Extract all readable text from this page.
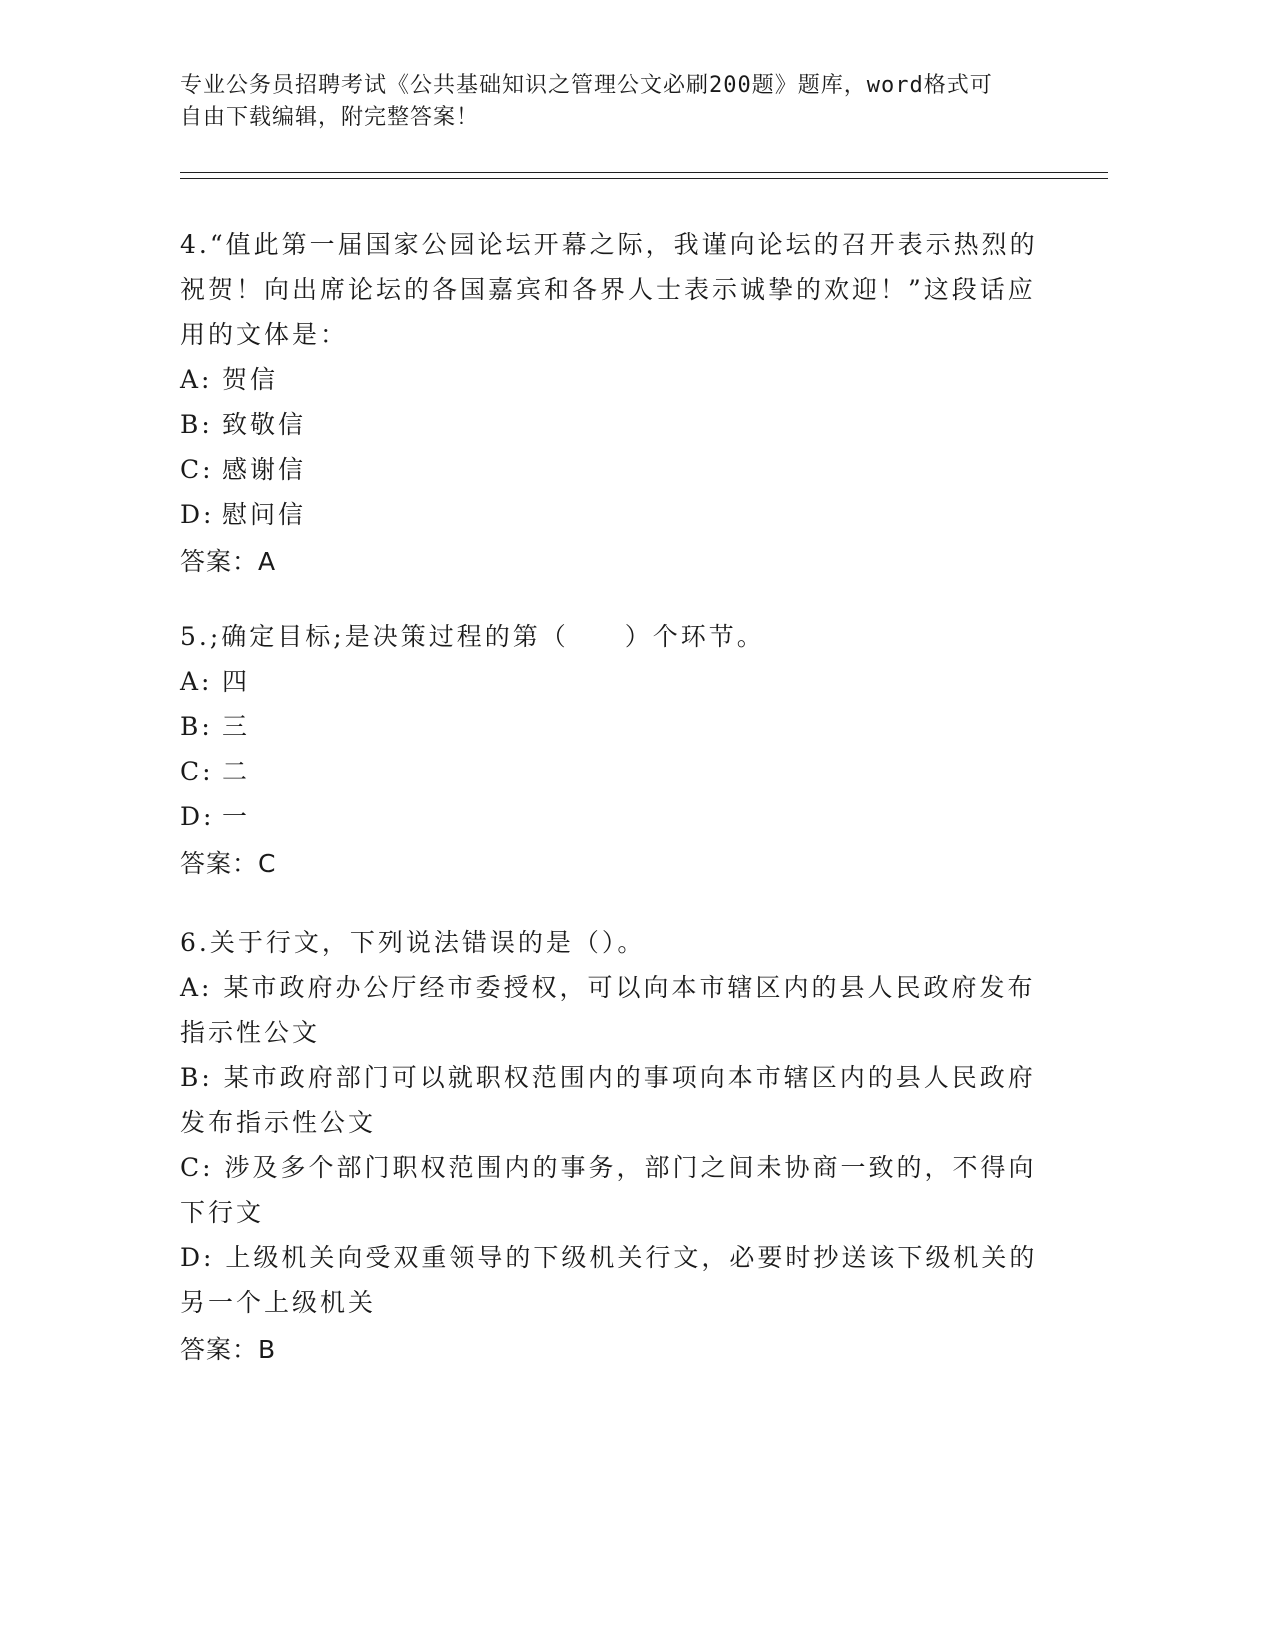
专业公务员招聘考试《公共基础知识之管理公文必刷200题》题库，word格式可
自由下载编辑，附完整答案！
4.“值此第一届国家公园论坛开幕之际，我谨向论坛的召开表示热烈的祝贺！向出席论坛的各国嘉宾和各界人士表示诚挚的欢迎！”这段话应用的文体是：
A: 贺信
B: 致敬信
C: 感谢信
D: 慰问信
答案：A
5.;确定目标;是决策过程的第（　　）个环节。
A: 四
B: 三
C: 二
D: 一
答案：C
6.关于行文，下列说法错误的是（）。
A: 某市政府办公厅经市委授权，可以向本市辖区内的县人民政府发布指示性公文
B: 某市政府部门可以就职权范围内的事项向本市辖区内的县人民政府发布指示性公文
C: 涉及多个部门职权范围内的事务，部门之间未协商一致的，不得向下行文
D: 上级机关向受双重领导的下级机关行文，必要时抄送该下级机关的另一个上级机关
答案：B
